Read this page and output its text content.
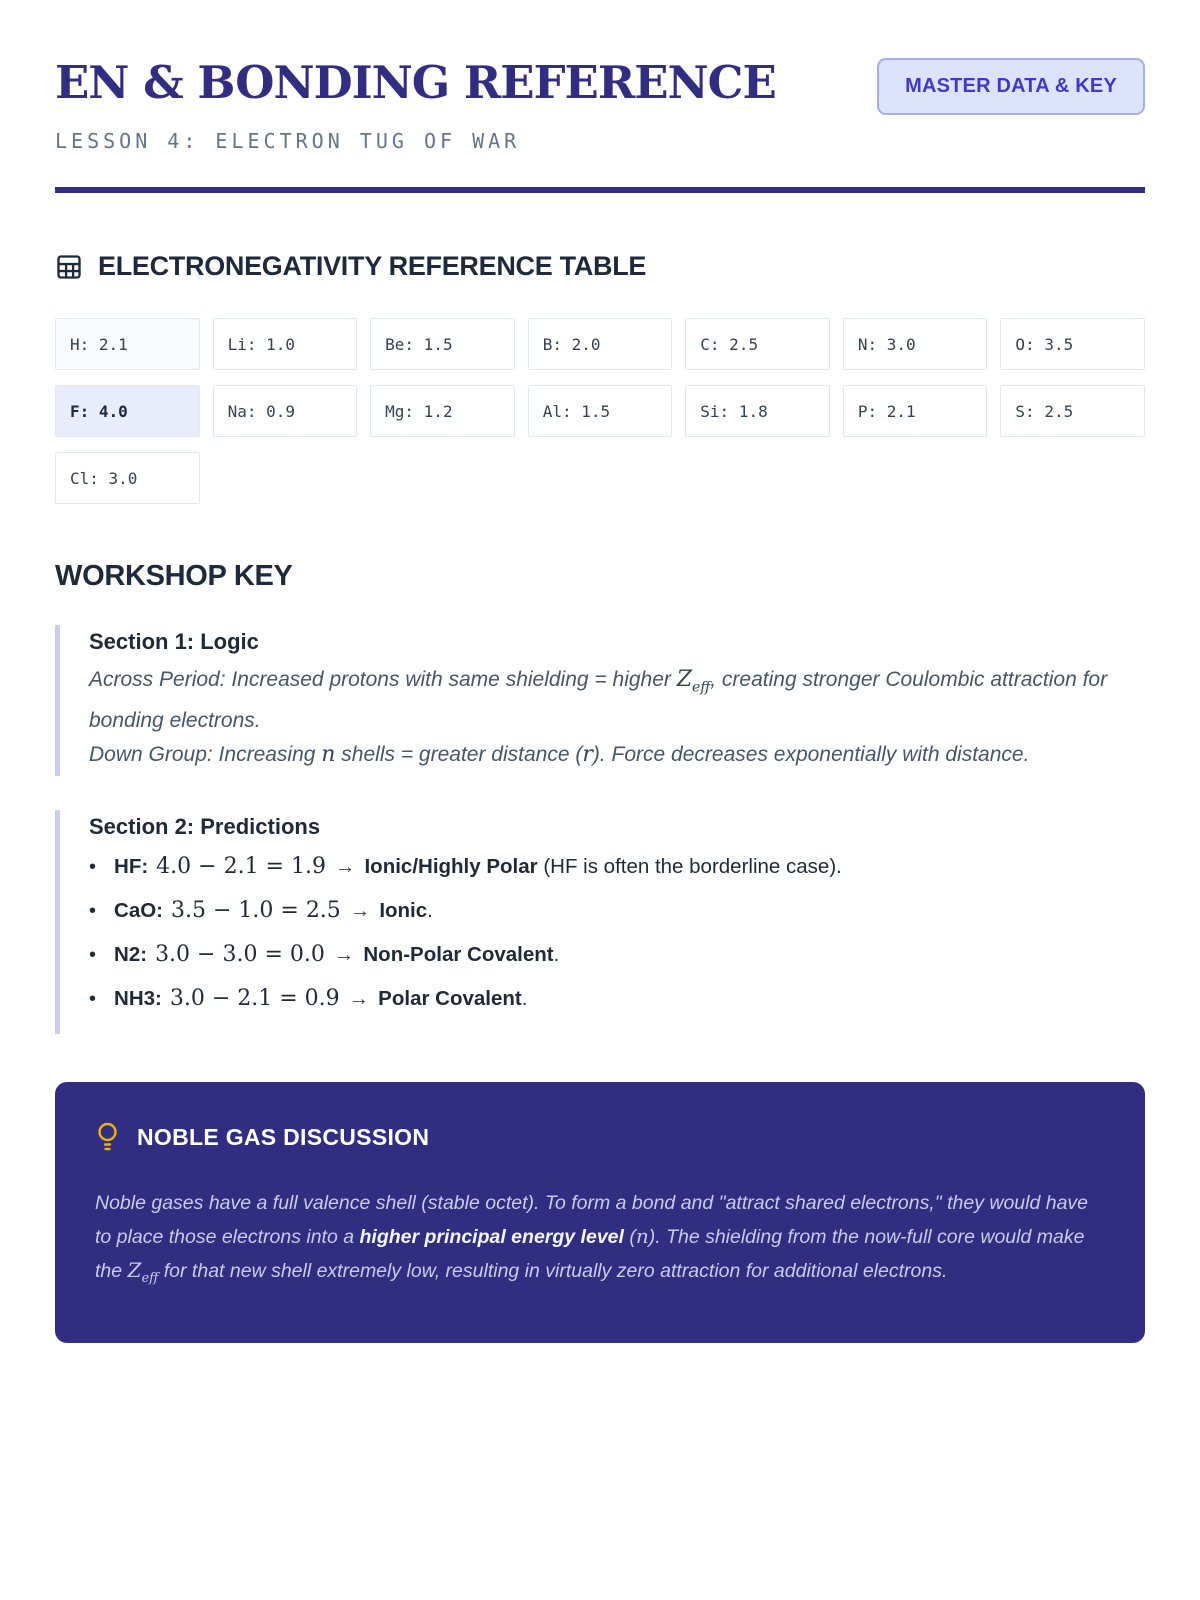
EN & BONDING REFERENCE	MASTER DATA & KEY
LESSON 4: ELECTRON TUG OF WAR
ELECTRONEGATIVITY REFERENCE TABLE
H: 2.1	Li: 1.0	Be: 1.5	B: 2.0	C: 2.5	N: 3.0	O: 3.5
F: 4.0	Na: 0.9	Mg: 1.2	Al: 1.5	Si: 1.8	P: 2.1	S: 2.5
Cl: 3.0
WORKSHOP KEY
Section 1: Logic
Across Period: Increased protons with same shielding = higher $Z_{eff}$, creating stronger Coulombic attraction for bonding electrons.
Down Group: Increasing n shells = greater distance (r). Force decreases exponentially with distance.
Section 2: Predictions
• HF: 4.0 − 2.1 = 1.9 → Ionic/Highly Polar (HF is often the borderline case).
• CaO: 3.5 − 1.0 = 2.5 → Ionic.
• N2: 3.0 − 3.0 = 0.0 → Non-Polar Covalent.
• NH3: 3.0 − 2.1 = 0.9 → Polar Covalent.
NOBLE GAS DISCUSSION
Noble gases have a full valence shell (stable octet). To form a bond and "attract shared electrons," they would have to place those electrons into a higher principal energy level (n). The shielding from the now-full core would make the $Z_{eff}$ for that new shell extremely low, resulting in virtually zero attraction for additional electrons.
